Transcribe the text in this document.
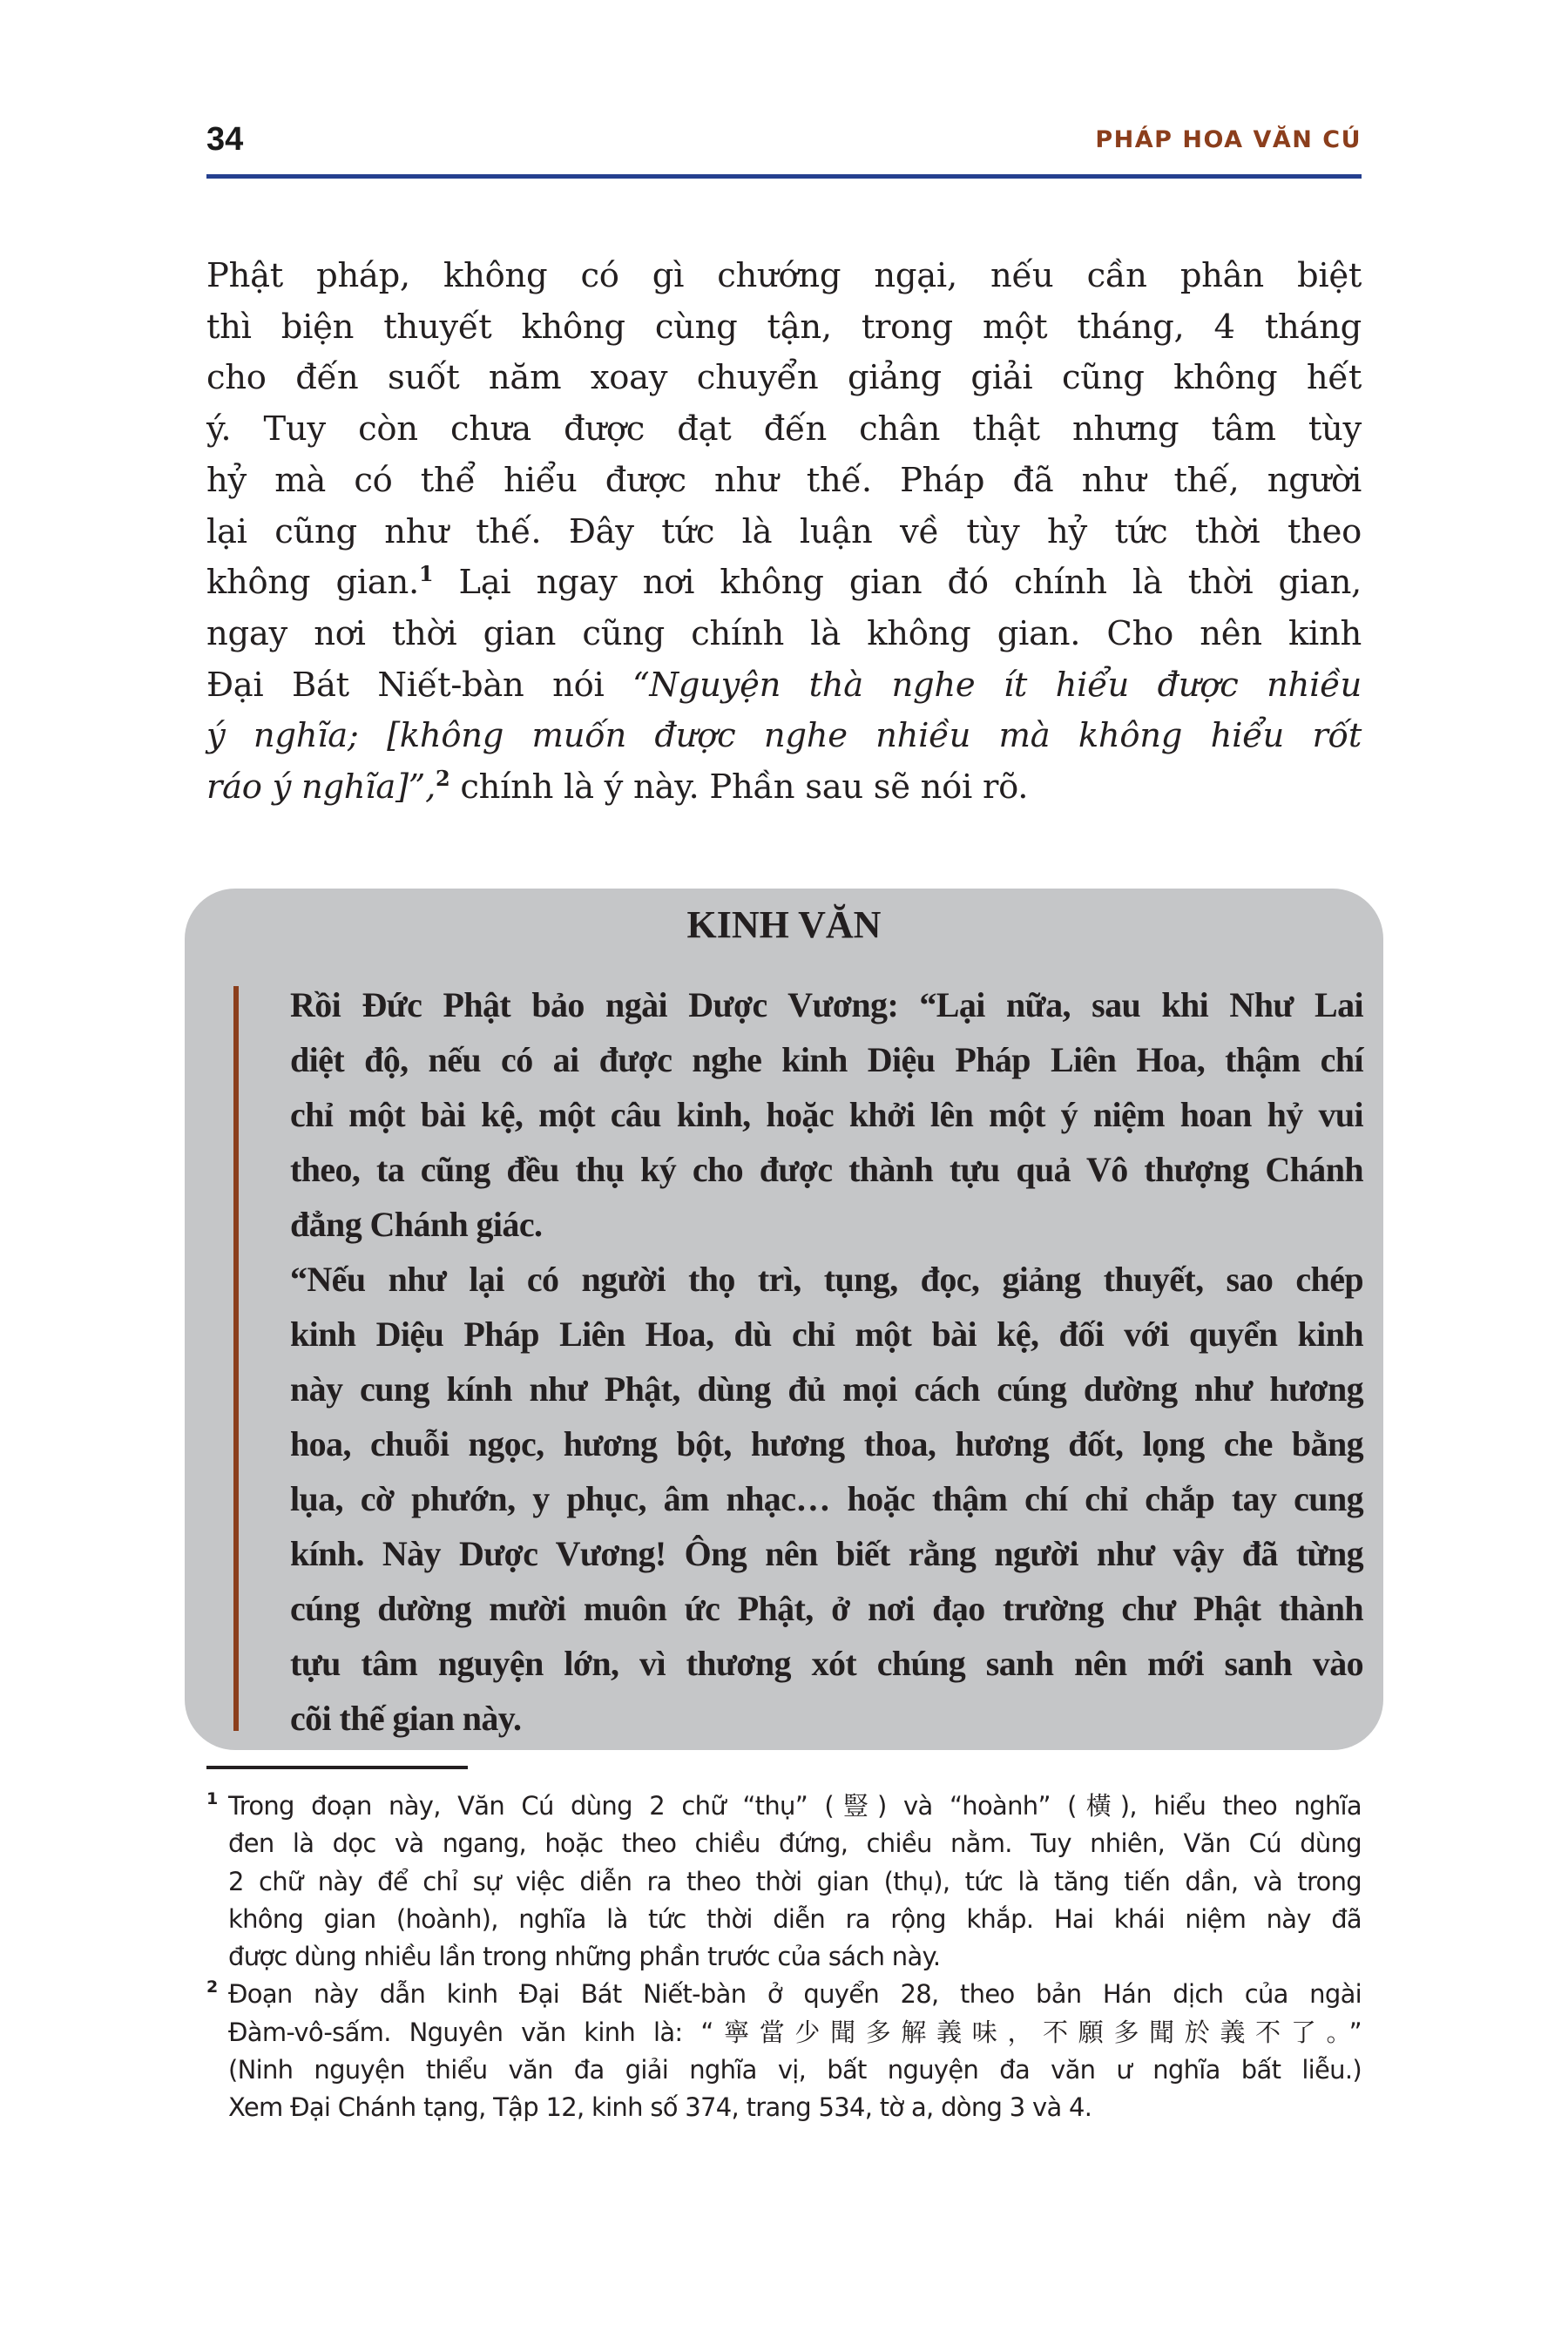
34	PHÁP HOA VĂN CÚ
Phật pháp, không có gì chướng ngại, nếu cần phân biệt
thì biện thuyết không cùng tận, trong một tháng, 4 tháng
cho đến suốt năm xoay chuyển giảng giải cũng không hết
ý. Tuy còn chưa được đạt đến chân thật nhưng tâm tùy
hỷ mà có thể hiểu được như thế. Pháp đã như thế, người
lại cũng như thế. Đây tức là luận về tùy hỷ tức thời theo
không gian.$^1$ Lại ngay nơi không gian đó chính là thời gian,
ngay nơi thời gian cũng chính là không gian. Cho nên kinh
Đại Bát Niết-bàn nói “Nguyện thà nghe ít hiểu được nhiều
ý nghĩa; [không muốn được nghe nhiều mà không hiểu rốt
ráo ý nghĩa]”,$^2$ chính là ý này. Phần sau sẽ nói rõ.
KINH VĂN
Rồi Đức Phật bảo ngài Dược Vương: “Lại nữa, sau khi Như Lai
diệt độ, nếu có ai được nghe kinh Diệu Pháp Liên Hoa, thậm chí
chỉ một bài kệ, một câu kinh, hoặc khởi lên một ý niệm hoan hỷ vui
theo, ta cũng đều thụ ký cho được thành tựu quả Vô thượng Chánh
đẳng Chánh giác.
“Nếu như lại có người thọ trì, tụng, đọc, giảng thuyết, sao chép
kinh Diệu Pháp Liên Hoa, dù chỉ một bài kệ, đối với quyển kinh
này cung kính như Phật, dùng đủ mọi cách cúng dường như hương
hoa, chuỗi ngọc, hương bột, hương thoa, hương đốt, lọng che bằng
lụa, cờ phướn, y phục, âm nhạc… hoặc thậm chí chỉ chắp tay cung
kính. Này Dược Vương! Ông nên biết rằng người như vậy đã từng
cúng dường mười muôn ức Phật, ở nơi đạo trường chư Phật thành
tựu tâm nguyện lớn, vì thương xót chúng sanh nên mới sanh vào
cõi thế gian này.
1 Trong đoạn này, Văn Cú dùng 2 chữ “thụ” (豎) và “hoành” (橫), hiểu theo nghĩa
đen là dọc và ngang, hoặc theo chiều đứng, chiều nằm. Tuy nhiên, Văn Cú dùng
2 chữ này để chỉ sự việc diễn ra theo thời gian (thụ), tức là tăng tiến dần, và trong
không gian (hoành), nghĩa là tức thời diễn ra rộng khắp. Hai khái niệm này đã
được dùng nhiều lần trong những phần trước của sách này.
2 Đoạn này dẫn kinh Đại Bát Niết-bàn ở quyển 28, theo bản Hán dịch của ngài
Đàm-vô-sấm. Nguyên văn kinh là: “寧當少聞多解義味，不願多聞於義不了。”
(Ninh nguyện thiểu văn đa giải nghĩa vị, bất nguyện đa văn ư nghĩa bất liễu.)
Xem Đại Chánh tạng, Tập 12, kinh số 374, trang 534, tờ a, dòng 3 và 4.
